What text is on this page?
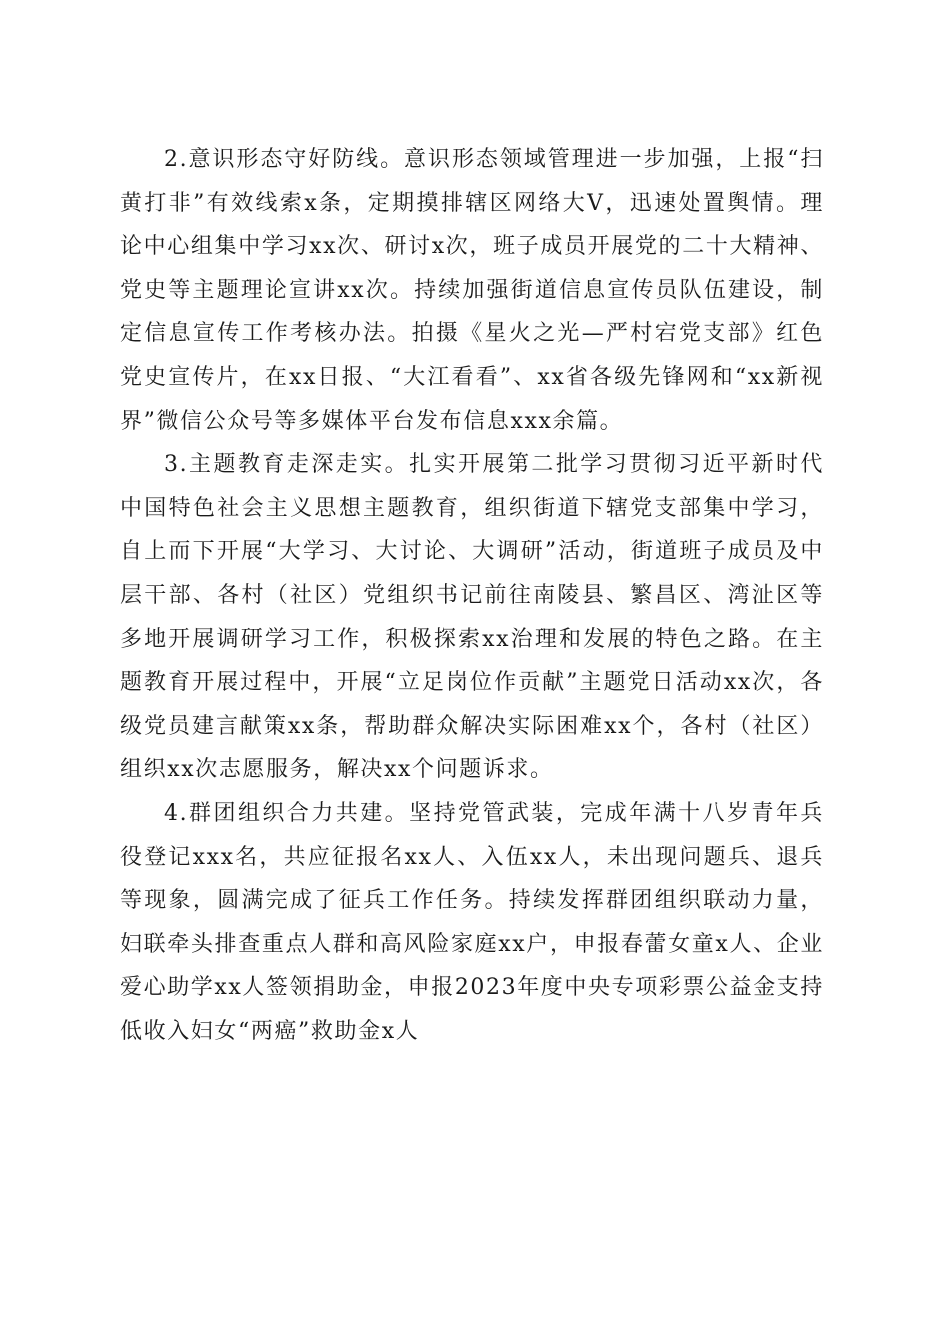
2.意识形态守好防线。意识形态领域管理进一步加强，上报“扫黄打非”有效线索x条，定期摸排辖区网络大V，迅速处置舆情。理论中心组集中学习xx次、研讨x次，班子成员开展党的二十大精神、党史等主题理论宣讲xx次。持续加强街道信息宣传员队伍建设，制定信息宣传工作考核办法。拍摄《星火之光—严村宕党支部》红色党史宣传片，在xx日报、“大江看看”、xx省各级先锋网和“xx新视界”微信公众号等多媒体平台发布信息xxx余篇。

3.主题教育走深走实。扎实开展第二批学习贯彻习近平新时代中国特色社会主义思想主题教育，组织街道下辖党支部集中学习，自上而下开展“大学习、大讨论、大调研”活动，街道班子成员及中层干部、各村（社区）党组织书记前往南陵县、繁昌区、湾沚区等多地开展调研学习工作，积极探索xx治理和发展的特色之路。在主题教育开展过程中，开展“立足岗位作贡献”主题党日活动xx次，各级党员建言献策xx条，帮助群众解决实际困难xx个，各村（社区）组织xx次志愿服务，解决xx个问题诉求。

4.群团组织合力共建。坚持党管武装，完成年满十八岁青年兵役登记xxx名，共应征报名xx人、入伍xx人，未出现问题兵、退兵等现象，圆满完成了征兵工作任务。持续发挥群团组织联动力量，妇联牵头排查重点人群和高风险家庭xx户，申报春蕾女童x人、企业爱心助学xx人签领捐助金，申报2023年度中央专项彩票公益金支持低收入妇女“两癌”救助金x人
